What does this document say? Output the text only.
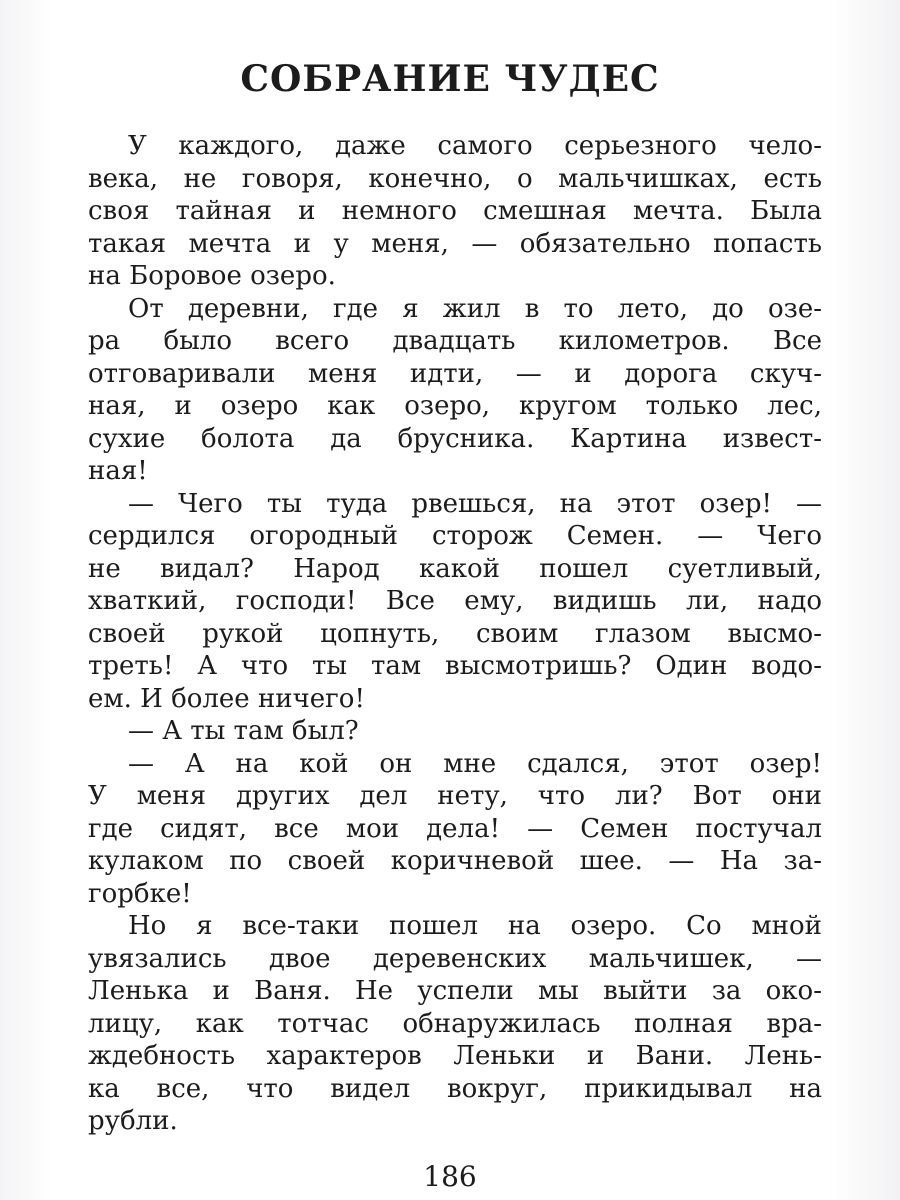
СОБРАНИЕ ЧУДЕС
У каждого, даже самого серьезного чело-
века, не говоря, конечно, о мальчишках, есть
своя тайная и немного смешная мечта. Была
такая мечта и у меня, — обязательно попасть
на Боровое озеро.
От деревни, где я жил в то лето, до озе-
ра было всего двадцать километров. Все
отговаривали меня идти, — и дорога скуч-
ная, и озеро как озеро, кругом только лес,
сухие болота да брусника. Картина извест-
ная!
— Чего ты туда рвешься, на этот озер! —
сердился огородный сторож Семен. — Чего
не видал? Народ какой пошел суетливый,
хваткий, господи! Все ему, видишь ли, надо
своей рукой цопнуть, своим глазом высмо-
треть! А что ты там высмотришь? Один водо-
ем. И более ничего!
— А ты там был?
— А на кой он мне сдался, этот озер!
У меня других дел нету, что ли? Вот они
где сидят, все мои дела! — Семен постучал
кулаком по своей коричневой шее. — На за-
горбке!
Но я все-таки пошел на озеро. Со мной
увязались двое деревенских мальчишек, —
Ленька и Ваня. Не успели мы выйти за око-
лицу, как тотчас обнаружилась полная вра-
ждебность характеров Леньки и Вани. Лень-
ка все, что видел вокруг, прикидывал на
рубли.
186
